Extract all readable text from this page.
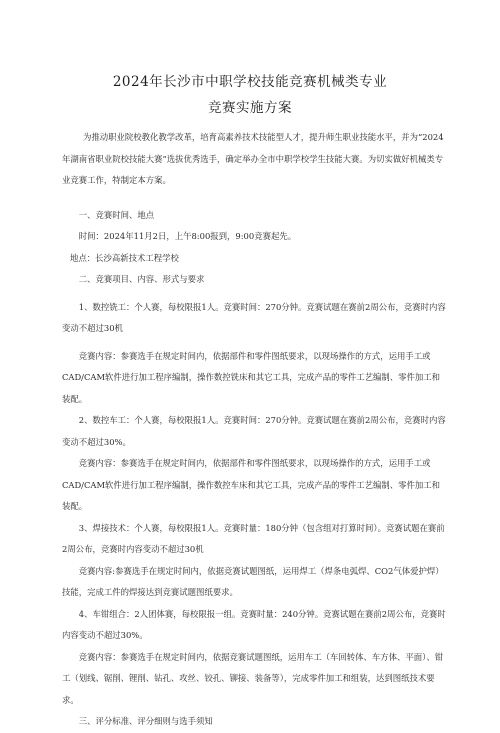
2024年长沙市中职学校技能竞赛机械类专业
竞赛实施方案

为推动职业院校教化教学改革，培育高素养技术技能型人才，提升师生职业技能水平，并为“2024年湖南省职业院校技能大赛”选拔优秀选手，确定举办全市中职学校学生技能大赛。为切实做好机械类专业竞赛工作，特制定本方案。

一、竞赛时间、地点

时间：2024年11月2日，上午8:00报到，9:00竞赛起先。

地点：长沙高新技术工程学校

二、竞赛项目、内容、形式与要求

1、数控铣工：个人赛，每校限报1人。竞赛时间：270分钟。竞赛试题在赛前2周公布，竞赛时内容变动不超过30机

竞赛内容：参赛选手在规定时间内，依据部件和零件图纸要求，以现场操作的方式，运用手工或CAD/CAM软件进行加工程序编制，操作数控铣床和其它工具，完成产品的零件工艺编制、零件加工和装配。

2、数控车工：个人赛，每校限报1人。竞赛时间：270分钟。竞赛试题在赛前2周公布，竞赛时内容变动不超过30%。

竞赛内容：参赛选手在规定时间内，依据部件和零件图纸要求，以现场操作的方式，运用手工或CAD/CAM软件进行加工程序编制，操作数控车床和其它工具，完成产品的零件工艺编制、零件加工和装配。

3、焊接技术：个人赛，每校限报1人。竞赛时量：180分钟（包含组对打算时间）。竞赛试题在赛前2周公布，竞赛时内容变动不超过30机

竞赛内容:参赛选手在规定时间内，依据竞赛试题图纸，运用焊工（焊条电弧焊、CO2气体爱护焊）技能，完成工件的焊接达到竞赛试题图纸要求。

4、车钳组合：2人团体赛，每校限报一组。竞赛时量：240分钟。竞赛试题在赛前2周公布，竞赛时内容变动不超过30%。

竞赛内容：参赛选手在规定时间内，依据竞赛试题图纸，运用车工（车回转体、车方体、平面）、钳工（划线、锯削、锂削、钻孔、攻丝、铰孔、铆接、装备等），完成零件加工和组装，达到图纸技术要求。

三、评分标准、评分细则与选手须知
